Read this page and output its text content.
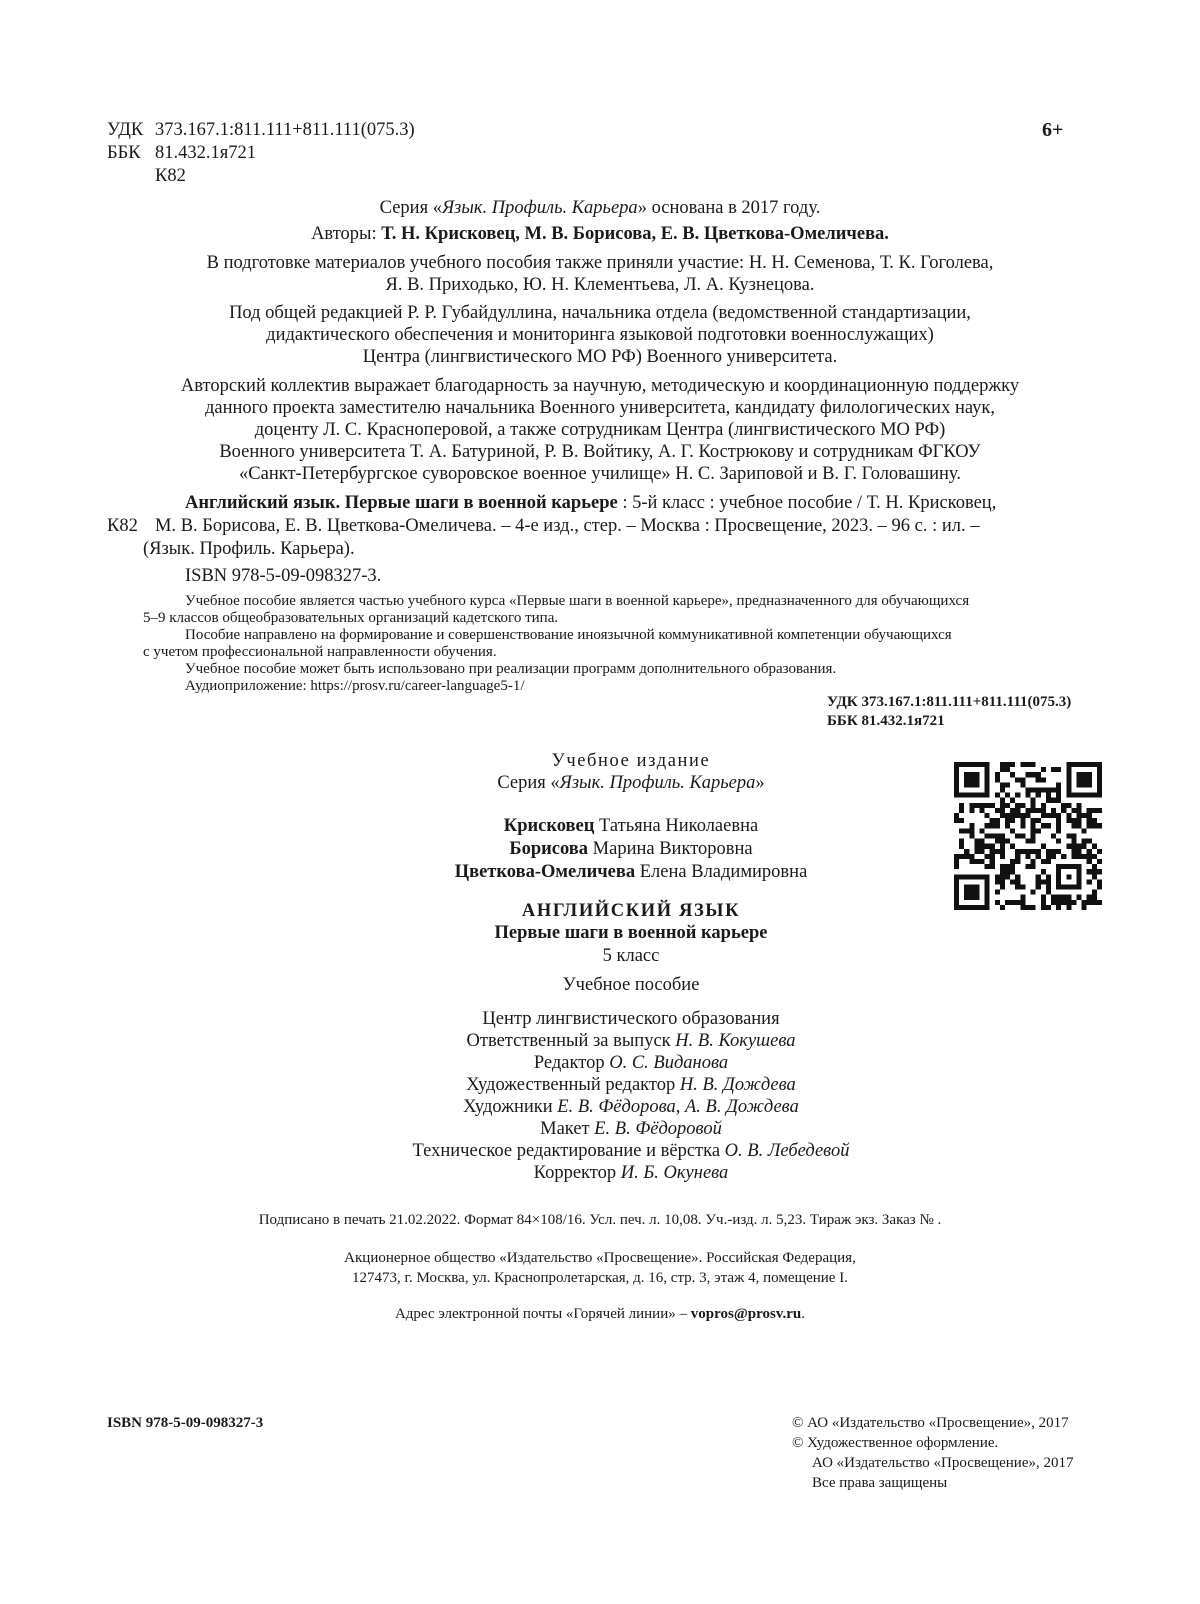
УДК 373.167.1:811.111+811.111(075.3)
ББК 81.432.1я721
К82
6+
Серия «Язык. Профиль. Карьера» основана в 2017 году.
Авторы: Т. Н. Крисковец, М. В. Борисова, Е. В. Цветкова-Омеличева.
В подготовке материалов учебного пособия также приняли участие: Н. Н. Семенова, Т. К. Гоголева,
Я. В. Приходько, Ю. Н. Клементьева, Л. А. Кузнецова.
Под общей редакцией Р. Р. Губайдуллина, начальника отдела (ведомственной стандартизации,
дидактического обеспечения и мониторинга языковой подготовки военнослужащих)
Центра (лингвистического МО РФ) Военного университета.
Авторский коллектив выражает благодарность за научную, методическую и координационную поддержку
данного проекта заместителю начальника Военного университета, кандидату филологических наук,
доценту Л. С. Красноперовой, а также сотрудникам Центра (лингвистического МО РФ)
Военного университета Т. А. Батуриной, Р. В. Войтику, А. Г. Кострюкову и сотрудникам ФГКОУ
«Санкт-Петербургское суворовское военное училище» Н. С. Зариповой и В. Г. Головашину.
Английский язык. Первые шаги в военной карьере : 5-й класс : учебное пособие / Т. Н. Крисковец,
К82 М. В. Борисова, Е. В. Цветкова-Омеличева. – 4-е изд., стер. – Москва : Просвещение, 2023. – 96 с. : ил. –
(Язык. Профиль. Карьера).
ISBN 978-5-09-098327-3.
Учебное пособие является частью учебного курса «Первые шаги в военной карьере», предназначенного для обучающихся
5–9 классов общеобразовательных организаций кадетского типа.
Пособие направлено на формирование и совершенствование иноязычной коммуникативной компетенции обучающихся
с учетом профессиональной направленности обучения.
Учебное пособие может быть использовано при реализации программ дополнительного образования.
Аудиоприложение: https://prosv.ru/career-language5-1/
УДК 373.167.1:811.111+811.111(075.3)
ББК 81.432.1я721
Учебное издание
Серия «Язык. Профиль. Карьера»
Крисковец Татьяна Николаевна
Борисова Марина Викторовна
Цветкова-Омеличева Елена Владимировна
АНГЛИЙСКИЙ ЯЗЫК
Первые шаги в военной карьере
5 класс
Учебное пособие
Центр лингвистического образования
Ответственный за выпуск Н. В. Кокушева
Редактор О. С. Виданова
Художественный редактор Н. В. Дождева
Художники Е. В. Фёдорова, А. В. Дождева
Макет Е. В. Фёдоровой
Техническое редактирование и вёрстка О. В. Лебедевой
Корректор И. Б. Окунева
Подписано в печать 21.02.2022. Формат 84×108/16. Усл. печ. л. 10,08. Уч.-изд. л. 5,23. Тираж экз. Заказ № .
Акционерное общество «Издательство «Просвещение». Российская Федерация,
127473, г. Москва, ул. Краснопролетарская, д. 16, стр. 3, этаж 4, помещение I.
Адрес электронной почты «Горячей линии» – vopros@prosv.ru.
ISBN 978-5-09-098327-3	© АО «Издательство «Просвещение», 2017
© Художественное оформление.
АО «Издательство «Просвещение», 2017
Все права защищены
